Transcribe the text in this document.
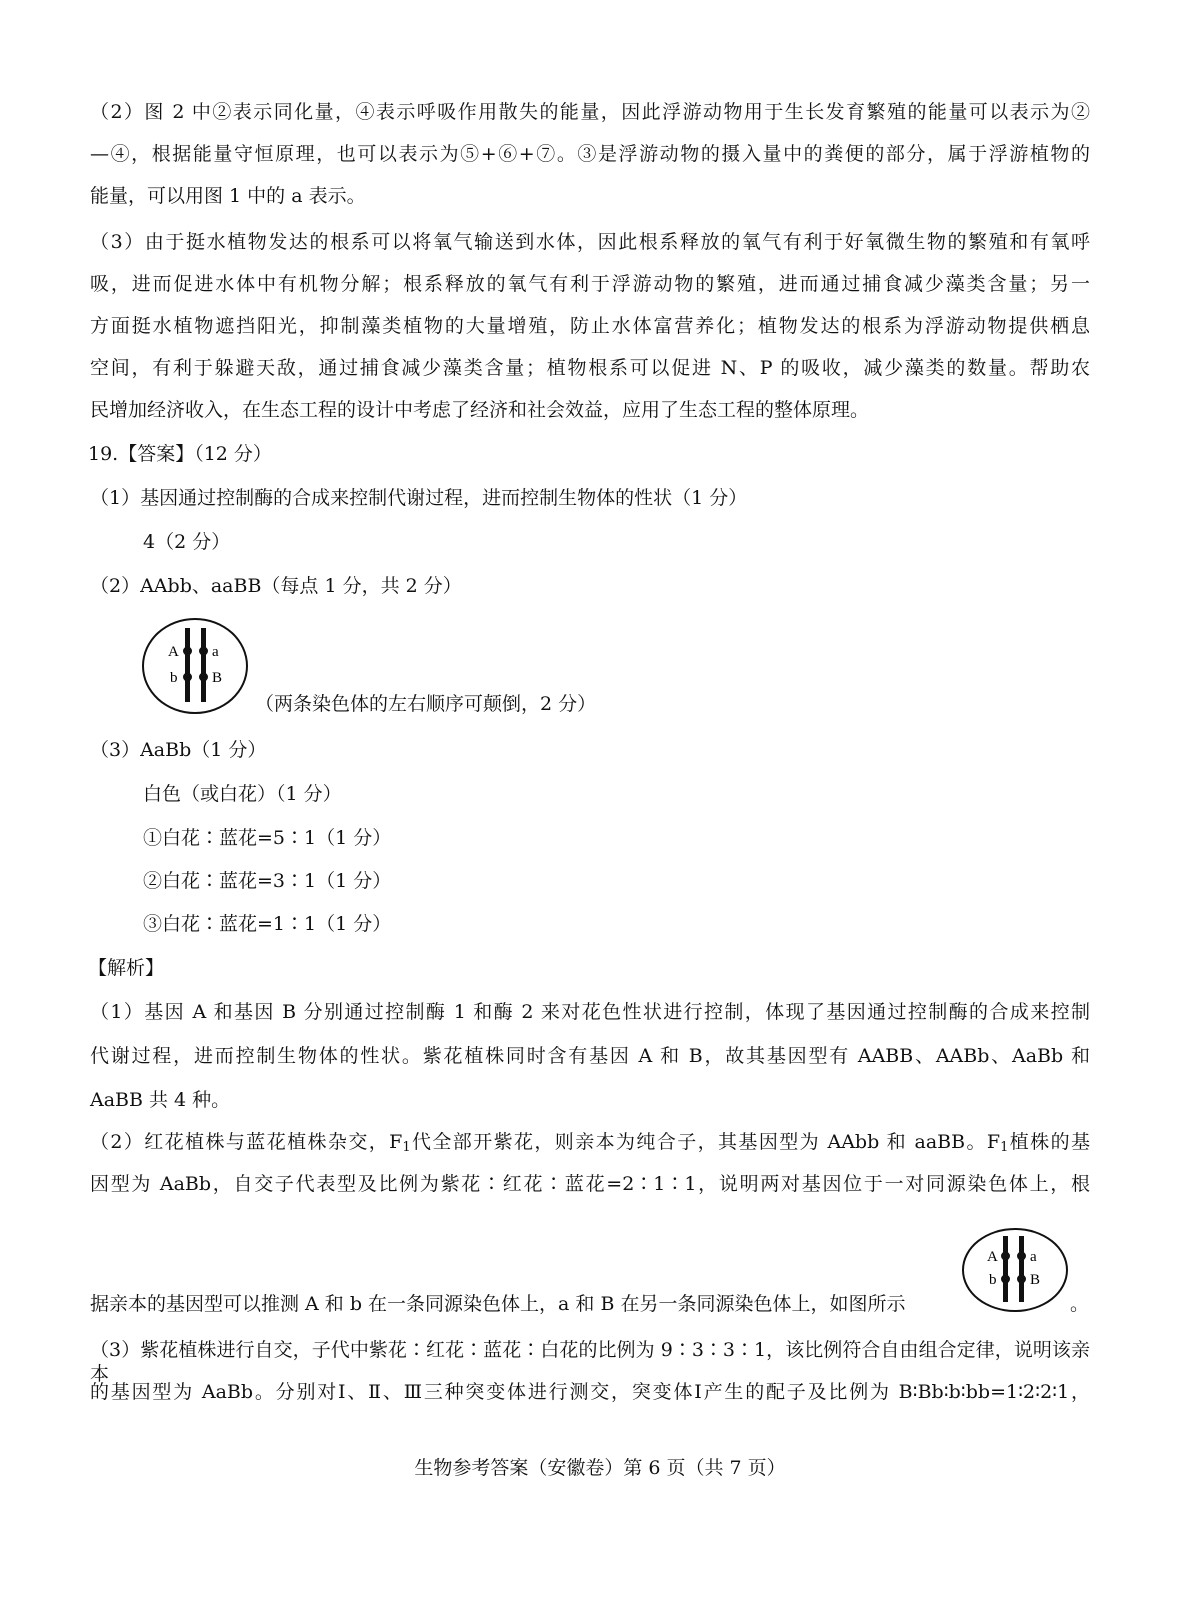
（2）图 2 中②表示同化量，④表示呼吸作用散失的能量，因此浮游动物用于生长发育繁殖的能量可以表示为②
—④，根据能量守恒原理，也可以表示为⑤+⑥+⑦。③是浮游动物的摄入量中的粪便的部分，属于浮游植物的
能量，可以用图 1 中的 a 表示。
（3）由于挺水植物发达的根系可以将氧气输送到水体，因此根系释放的氧气有利于好氧微生物的繁殖和有氧呼
吸，进而促进水体中有机物分解；根系释放的氧气有利于浮游动物的繁殖，进而通过捕食减少藻类含量；另一
方面挺水植物遮挡阳光，抑制藻类植物的大量增殖，防止水体富营养化；植物发达的根系为浮游动物提供栖息
空间，有利于躲避天敌，通过捕食减少藻类含量；植物根系可以促进 N、P 的吸收，减少藻类的数量。帮助农
民增加经济收入，在生态工程的设计中考虑了经济和社会效益，应用了生态工程的整体原理。
19.【答案】（12 分）
（1）基因通过控制酶的合成来控制代谢过程，进而控制生物体的性状（1 分）
4（2 分）
（2）AAbb、aaBB（每点 1 分，共 2 分）
A
b
a
B
（两条染色体的左右顺序可颠倒，2 分）
（3）AaBb（1 分）
白色（或白花）（1 分）
①白花∶蓝花=5∶1（1 分）
②白花∶蓝花=3∶1（1 分）
③白花∶蓝花=1∶1（1 分）
【解析】
（1）基因 A 和基因 B 分别通过控制酶 1 和酶 2 来对花色性状进行控制，体现了基因通过控制酶的合成来控制
代谢过程，进而控制生物体的性状。紫花植株同时含有基因 A 和 B，故其基因型有 AABB、AABb、AaBb 和
AaBB 共 4 种。
（2）红花植株与蓝花植株杂交，$F_1$代全部开紫花，则亲本为纯合子，其基因型为 AAbb 和 aaBB。$F_1$植株的基
因型为 AaBb，自交子代表型及比例为紫花∶红花∶蓝花=2∶1∶1，说明两对基因位于一对同源染色体上，根
据亲本的基因型可以推测 A 和 b 在一条同源染色体上，a 和 B 在另一条同源染色体上，如图所示
A
b
a
B
。
（3）紫花植株进行自交，子代中紫花∶红花∶蓝花∶白花的比例为 9∶3∶3∶1，该比例符合自由组合定律，说明该亲本
的基因型为 AaBb。分别对Ⅰ、Ⅱ、Ⅲ三种突变体进行测交，突变体Ⅰ产生的配子及比例为 B∶Bb∶b∶bb=1∶2∶2∶1，
生物参考答案（安徽卷）第 6 页（共 7 页）
